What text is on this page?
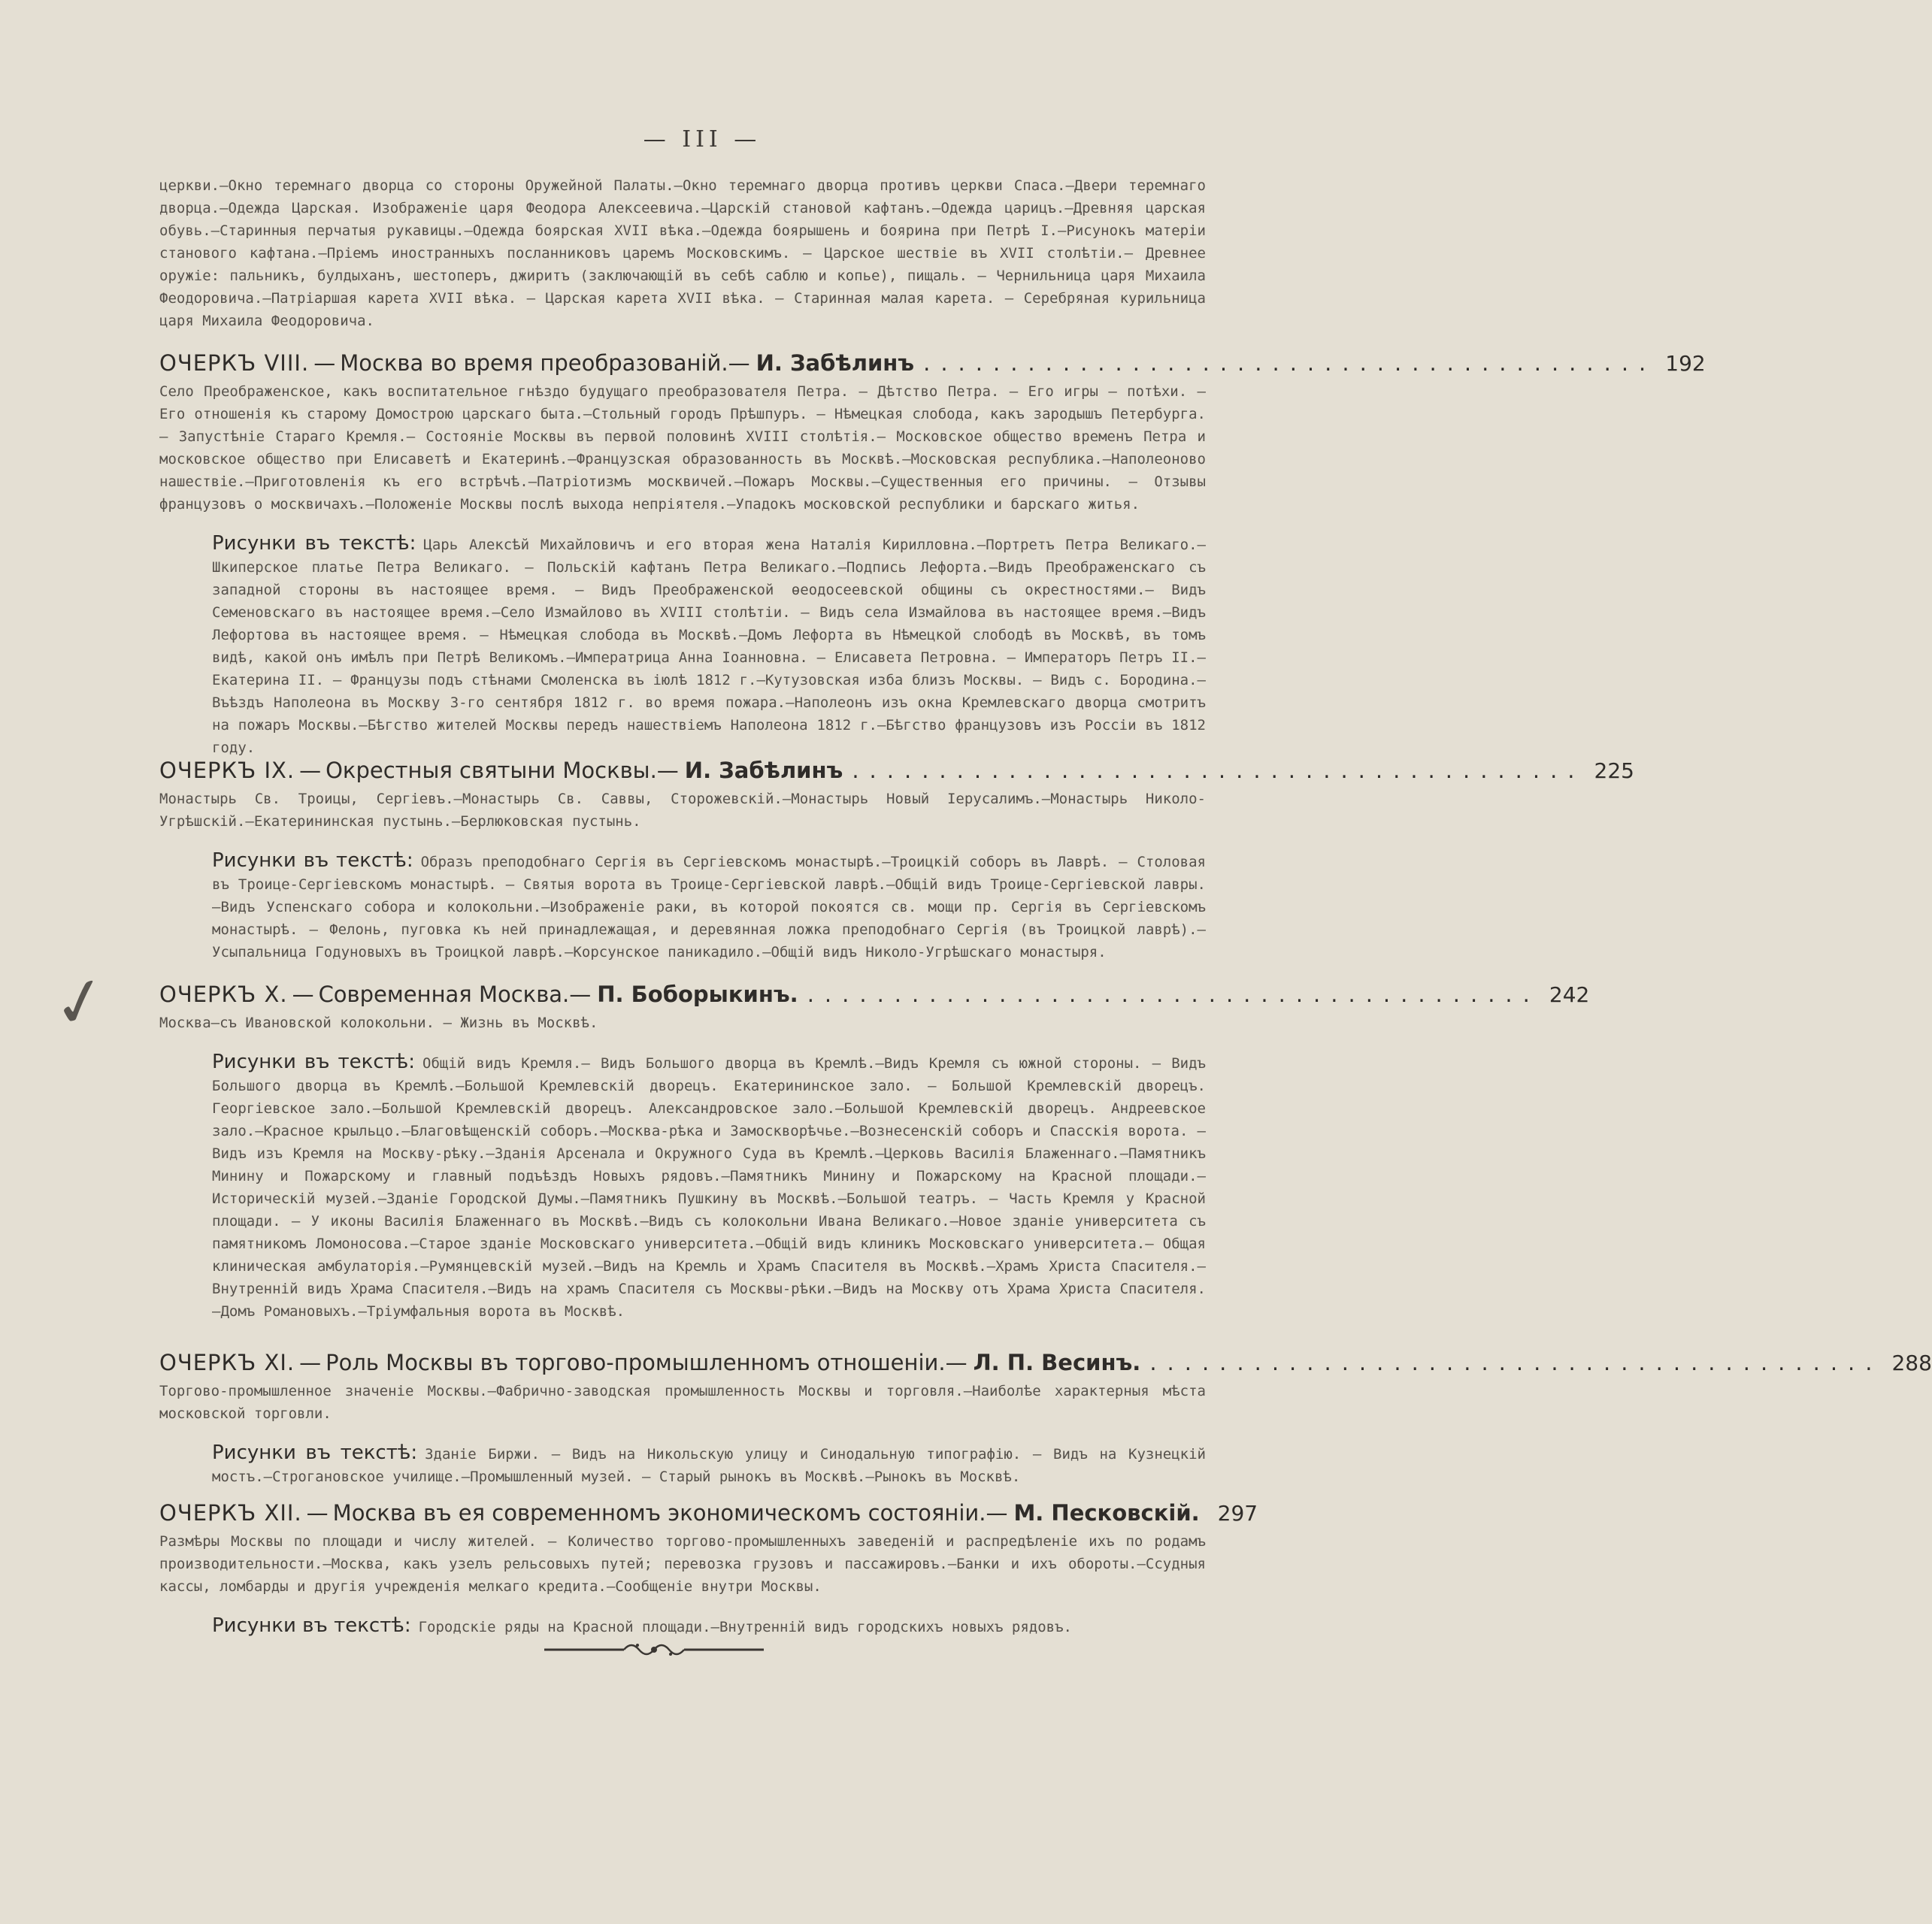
— III —

церкви.—Окно теремнаго дворца со стороны Оружейной Палаты.—Окно теремнаго дворца противъ церкви Спаса.—Двери теремнаго дворца.—Одежда Царская. Изображенiе царя Феодора Алексеевича.—Царскiй становой кафтанъ.—Одежда царицъ.—Древняя царская обувь.—Старинныя перчатыя рукавицы.—Одежда боярская XVII вѣка.—Одежда боярышень и боярина при Петрѣ I.—Рисунокъ матерiи станового кафтана.—Прiемъ иностранныхъ посланниковъ царемъ Московскимъ. — Царское шествiе въ XVII столѣтiи.— Древнее оружiе: пальникъ, булдыханъ, шестоперъ, джиритъ (заключающiй въ себѣ саблю и копье), пищаль. — Чернильница царя Михаила Феодоровича.—Патрiаршая карета XVII вѣка. — Царская карета XVII вѣка. — Старинная малая карета. — Серебряная курильница царя Михаила Феодоровича.

ОЧЕРКЪ VIII. — Москва во время преобразованiй. — И. Забѣлинъ .......................................... 192

Село Преображенское, какъ воспитательное гнѣздо будущаго преобразователя Петра. — Дѣтство Петра. — Его игры — потѣхи. — Его отношенiя къ старому Домострою царскаго быта.—Стольный городъ Прѣшпуръ. — Нѣмецкая слобода, какъ зародышъ Петербурга. — Запустѣнiе Стараго Кремля.— Состоянiе Москвы въ первой половинѣ XVIII столѣтiя.— Московское общество временъ Петра и московское общество при Елисаветѣ и Екатеринѣ.—Французская образованность въ Москвѣ.—Московская республика.—Наполеоново нашествiе.—Приготовленiя къ его встрѣчѣ.—Патрiотизмъ москвичей.—Пожаръ Москвы.—Существенныя его причины. — Отзывы французовъ о москвичахъ.—Положенiе Москвы послѣ выхода непрiятеля.—Упадокъ московской республики и барскаго житья.

Рисунки въ текстѣ: Царь Алексѣй Михайловичъ и его вторая жена Наталiя Кирилловна.—Портретъ Петра Великаго.—Шкиперское платье Петра Великаго. — Польскiй кафтанъ Петра Великаго.—Подпись Лефорта.—Видъ Преображенскаго съ западной стороны въ настоящее время. — Видъ Преображенской ѳеодосеевской общины съ окрестностями.— Видъ Семеновскаго въ настоящее время.—Село Измайлово въ XVIII столѣтiи. — Видъ села Измайлова въ настоящее время.—Видъ Лефортова въ настоящее время. — Нѣмецкая слобода въ Москвѣ.—Домъ Лефорта въ Нѣмецкой слободѣ въ Москвѣ, въ томъ видѣ, какой онъ имѣлъ при Петрѣ Великомъ.—Императрица Анна Iоанновна. — Елисавета Петровна. — Императоръ Петръ II.—Екатерина II. — Французы подъ стѣнами Смоленска въ iюлѣ 1812 г.—Кутузовская изба близъ Москвы. — Видъ с. Бородина.—Въѣздъ Наполеона въ Москву 3-го сентября 1812 г. во время пожара.—Наполеонъ изъ окна Кремлевскаго дворца смотритъ на пожаръ Москвы.—Бѣгство жителей Москвы передъ нашествiемъ Наполеона 1812 г.—Бѣгство французовъ изъ Россiи въ 1812 году.

ОЧЕРКЪ IX. — Окрестныя святыни Москвы. — И. Забѣлинъ .......................................... 225

Монастырь Св. Троицы, Сергiевъ.—Монастырь Св. Саввы, Сторожевскiй.—Монастырь Новый Iерусалимъ.—Монастырь Николо-Угрѣшскiй.—Екатерининская пустынь.—Берлюковская пустынь.

Рисунки въ текстѣ: Образъ преподобнаго Сергiя въ Сергiевскомъ монастырѣ.—Троицкiй соборъ въ Лаврѣ. — Столовая въ Троице-Сергiевскомъ монастырѣ. — Святыя ворота въ Троице-Сергiевской лаврѣ.—Общiй видъ Троице-Сергiевской лавры.—Видъ Успенскаго собора и колокольни.—Изображенiе раки, въ которой покоятся св. мощи пр. Сергiя въ Сергiевскомъ монастырѣ. — Фелонь, пуговка къ ней принадлежащая, и деревянная ложка преподобнаго Сергiя (въ Троицкой лаврѣ).—Усыпальница Годуновыхъ въ Троицкой лаврѣ.—Корсунское паникадило.—Общiй видъ Николо-Угрѣшскаго монастыря.

ОЧЕРКЪ X. — Современная Москва. — П. Боборыкинъ. .......................................... 242

Москва—съ Ивановской колокольни. — Жизнь въ Москвѣ.

Рисунки въ текстѣ: Общiй видъ Кремля.— Видъ Большого дворца въ Кремлѣ.—Видъ Кремля съ южной стороны. — Видъ Большого дворца въ Кремлѣ.—Большой Кремлевскiй дворецъ. Екатерининское зало. — Большой Кремлевскiй дворецъ. Георгiевское зало.—Большой Кремлевскiй дворецъ. Александровское зало.—Большой Кремлевскiй дворецъ. Андреевское зало.—Красное крыльцо.—Благовѣщенскiй соборъ.—Москва-рѣка и Замоскворѣчье.—Вознесенскiй соборъ и Спасскiя ворота. — Видъ изъ Кремля на Москву-рѣку.—Зданiя Арсенала и Окружного Суда въ Кремлѣ.—Церковь Василiя Блаженнаго.—Памятникъ Минину и Пожарскому и главный подъѣздъ Новыхъ рядовъ.—Памятникъ Минину и Пожарскому на Красной площади.—Историческiй музей.—Зданiе Городской Думы.—Памятникъ Пушкину въ Москвѣ.—Большой театръ. — Часть Кремля у Красной площади. — У иконы Василiя Блаженнаго въ Москвѣ.—Видъ съ колокольни Ивана Великаго.—Новое зданiе университета съ памятникомъ Ломоносова.—Старое зданiе Московскаго университета.—Общiй видъ клиникъ Московскаго университета.— Общая клиническая амбулаторiя.—Румянцевскiй музей.—Видъ на Кремль и Храмъ Спасителя въ Москвѣ.—Храмъ Христа Спасителя.— Внутреннiй видъ Храма Спасителя.—Видъ на храмъ Спасителя съ Москвы-рѣки.—Видъ на Москву отъ Храма Христа Спасителя.—Домъ Романовыхъ.—Трiумфальныя ворота въ Москвѣ.

✓
ОЧЕРКЪ XI. — Роль Москвы въ торгово-промышленномъ отношенiи. — Л. П. Весинъ. .......................................... 288

Торгово-промышленное значенiе Москвы.—Фабрично-заводская промышленность Москвы и торговля.—Наиболѣе характерныя мѣста московской торговли.

Рисунки въ текстѣ: Зданiе Биржи. — Видъ на Никольскую улицу и Синодальную типографiю. — Видъ на Кузнецкiй мостъ.—Строгановское училище.—Промышленный музей. — Старый рынокъ въ Москвѣ.—Рынокъ въ Москвѣ.

ОЧЕРКЪ XII. — Москва въ ея современномъ экономическомъ состоянiи. — М. Песковскiй. 297

Размѣры Москвы по площади и числу жителей. — Количество торгово-промышленныхъ заведенiй и распредѣленiе ихъ по родамъ производительности.—Москва, какъ узелъ рельсовыхъ путей; перевозка грузовъ и пассажировъ.—Банки и ихъ обороты.—Ссудныя кассы, ломбарды и другiя учрежденiя мелкаго кредита.—Сообщенiе внутри Москвы.

Рисунки въ текстѣ: Городскiе ряды на Красной площади.—Внутреннiй видъ городскихъ новыхъ рядовъ.
